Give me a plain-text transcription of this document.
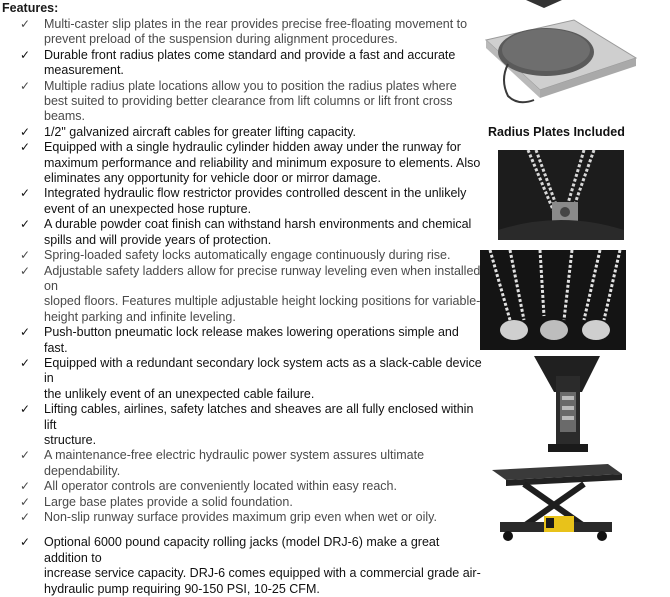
Features:
✓	Multi-caster slip plates in the rear provides precise free-floating movement to
prevent preload of the suspension during alignment procedures.
✓	Durable front radius plates come standard and provide a fast and accurate
measurement.
✓	Multiple radius plate locations allow you to position the radius plates where
best suited to providing better clearance from lift columns or lift front cross
beams.
✓	1/2" galvanized aircraft cables for greater lifting capacity.
✓	Equipped with a single hydraulic cylinder hidden away under the runway for
maximum performance and reliability and minimum exposure to elements. Also
eliminates any opportunity for vehicle door or mirror damage.
✓	Integrated hydraulic flow restrictor provides controlled descent in the unlikely
event of an unexpected hose rupture.
✓	A durable powder coat finish can withstand harsh environments and chemical
spills and will provide years of protection.
✓	Spring-loaded safety locks automatically engage continuously during rise.
✓	Adjustable safety ladders allow for precise runway leveling even when installed on
sloped floors. Features multiple adjustable height locking positions for variable-
height parking and infinite leveling.
✓	Push-button pneumatic lock release makes lowering operations simple and fast.
✓	Equipped with a redundant secondary lock system acts as a slack-cable device in
the unlikely event of an unexpected cable failure.
✓	Lifting cables, airlines, safety latches and sheaves are all fully enclosed within lift
structure.
✓	A maintenance-free electric hydraulic power system assures ultimate
dependability.
✓	All operator controls are conveniently located within easy reach.
✓	Large base plates provide a solid foundation.
✓	Non-slip runway surface provides maximum grip even when wet or oily.
✓	Optional 6000 pound capacity rolling jacks (model DRJ-6) make a great addition to
increase service capacity. DRJ-6 comes equipped with a commercial grade air-
hydraulic pump requiring 90-150 PSI, 10-25 CFM.
Radius Plates Included
